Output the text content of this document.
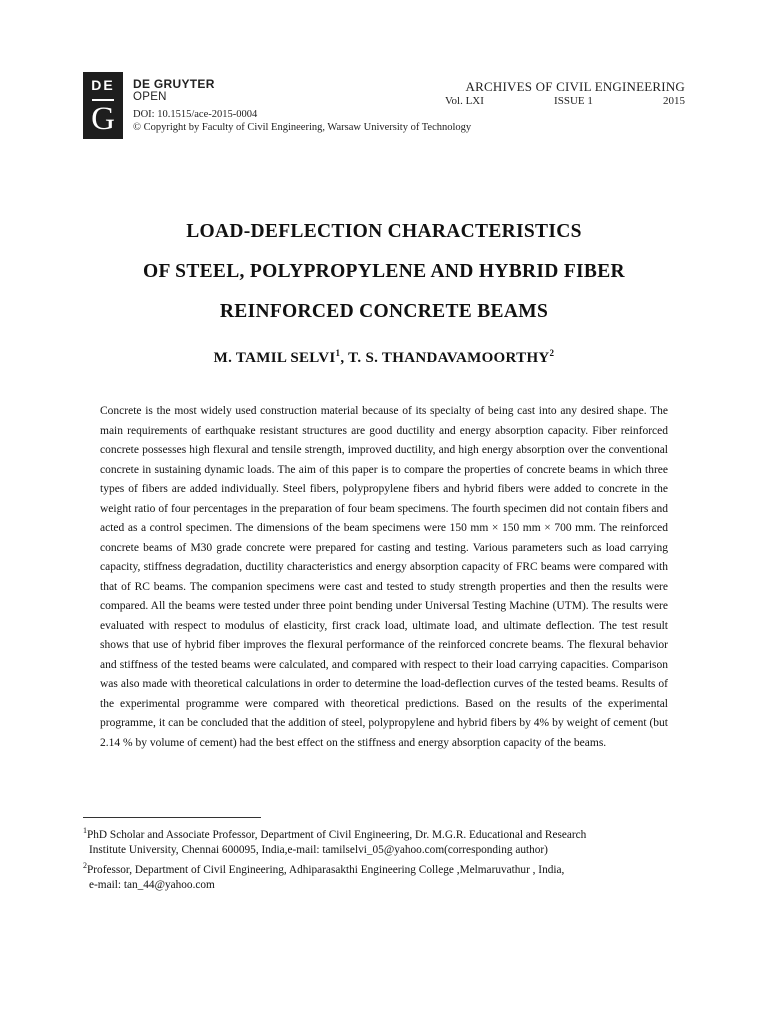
DE
G
DE GRUYTER
OPEN
DOI: 10.1515/ace-2015-0004
© Copyright by Faculty of Civil Engineering, Warsaw University of Technology
ARCHIVES OF CIVIL ENGINEERING
Vol. LXI	ISSUE 1	2015
LOAD-DEFLECTION CHARACTERISTICS
OF STEEL, POLYPROPYLENE AND HYBRID FIBER
REINFORCED CONCRETE BEAMS
M. TAMIL SELVI$^1$, T. S. THANDAVAMOORTHY$^2$
Concrete is the most widely used construction material because of its specialty of being cast into any desired shape. The main requirements of earthquake resistant structures are good ductility and energy absorption capacity. Fiber reinforced concrete possesses high flexural and tensile strength, improved ductility, and high energy absorption over the conventional concrete in sustaining dynamic loads. The aim of this paper is to compare the properties of concrete beams in which three types of fibers are added individually. Steel fibers, polypropylene fibers and hybrid fibers were added to concrete in the weight ratio of four percentages in the preparation of four beam specimens. The fourth specimen did not contain fibers and acted as a control specimen. The dimensions of the beam specimens were 150 mm × 150 mm × 700 mm. The reinforced concrete beams of M30 grade concrete were prepared for casting and testing. Various parameters such as load carrying capacity, stiffness degradation, ductility characteristics and energy absorption capacity of FRC beams were compared with that of RC beams. The companion specimens were cast and tested to study strength properties and then the results were compared. All the beams were tested under three point bending under Universal Testing Machine (UTM). The results were evaluated with respect to modulus of elasticity, first crack load, ultimate load, and ultimate deflection. The test result shows that use of hybrid fiber improves the flexural performance of the reinforced concrete beams. The flexural behavior and stiffness of the tested beams were calculated, and compared with respect to their load carrying capacities. Comparison was also made with theoretical calculations in order to determine the load-deflection curves of the tested beams. Results of the experimental programme were compared with theoretical predictions. Based on the results of the experimental programme, it can be concluded that the addition of steel, polypropylene and hybrid fibers by 4% by weight of cement (but 2.14 % by volume of cement) had the best effect on the stiffness and energy absorption capacity of the beams.
$^1$PhD Scholar and Associate Professor, Department of Civil Engineering, Dr. M.G.R. Educational and Research
Institute University, Chennai 600095, India,e-mail: tamilselvi_05@yahoo.com(corresponding author)
$^2$Professor, Department of Civil Engineering, Adhiparasakthi Engineering College ,Melmaruvathur , India,
e-mail: tan_44@yahoo.com
